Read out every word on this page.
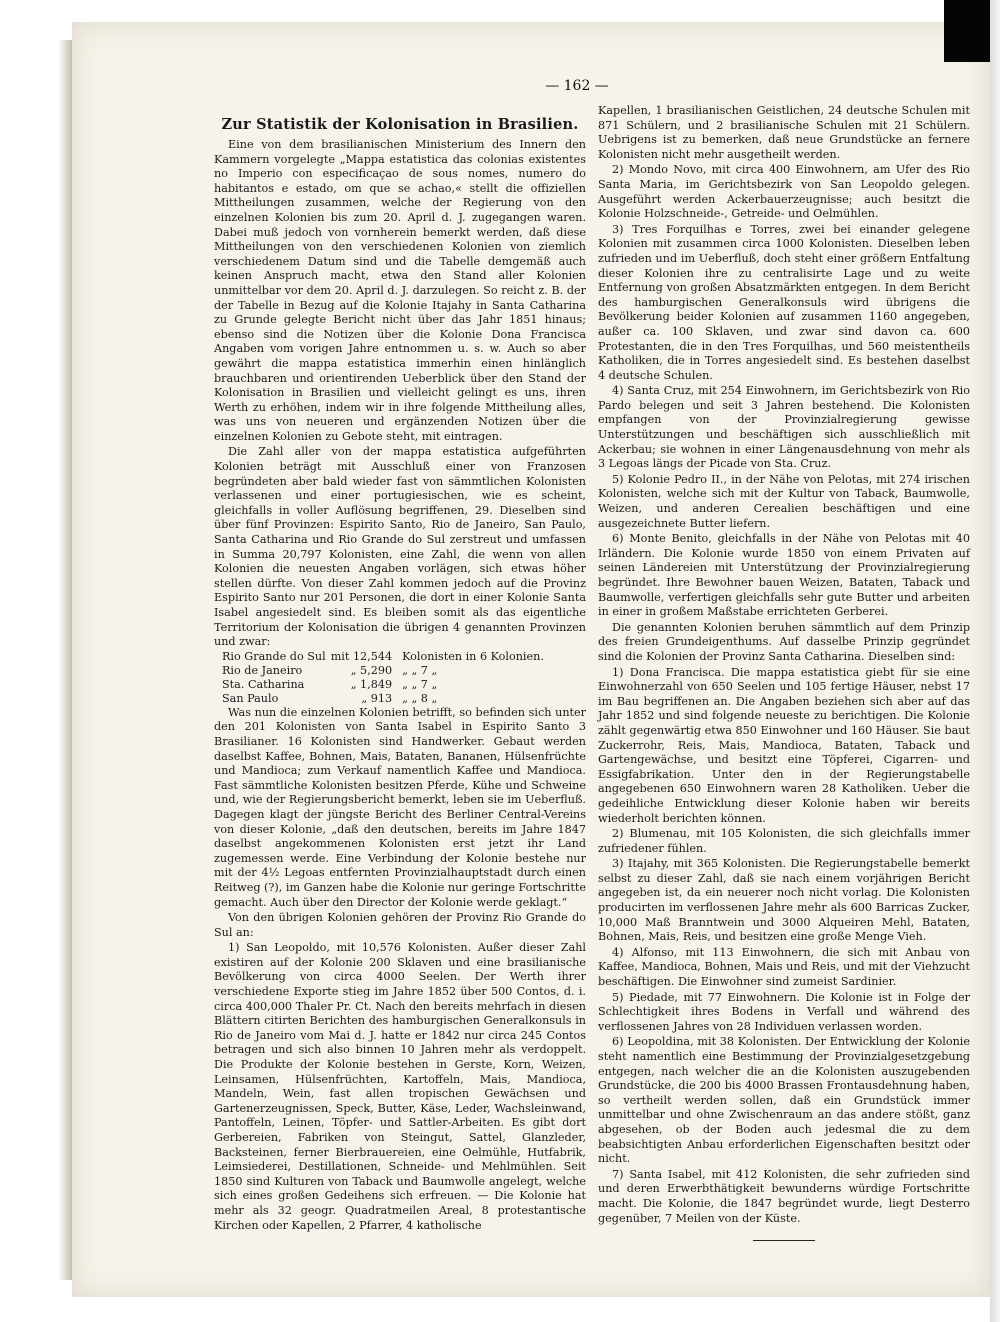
— 162 —
Zur Statistik der Kolonisation in Brasilien.

Eine von dem brasilianischen Ministerium des Innern den Kammern vorgelegte „Mappa estatistica das colonias existentes no Imperio con especificaçao de sous nomes, numero do habitantos e estado, om que se achao,« stellt die offiziellen Mittheilungen zusammen, welche der Regierung von den einzelnen Kolonien bis zum 20. April d. J. zugegangen waren. Dabei muß jedoch von vornherein bemerkt werden, daß diese Mittheilungen von den verschiedenen Kolonien von ziemlich verschiedenem Datum sind und die Tabelle demgemäß auch keinen Anspruch macht, etwa den Stand aller Kolonien unmittelbar vor dem 20. April d. J. darzulegen. So reicht z. B. der der Tabelle in Bezug auf die Kolonie Itajahy in Santa Catharina zu Grunde gelegte Bericht nicht über das Jahr 1851 hinaus; ebenso sind die Notizen über die Kolonie Dona Francisca Angaben vom vorigen Jahre entnommen u. s. w. Auch so aber gewährt die mappa estatistica immerhin einen hinlänglich brauchbaren und orientirenden Ueberblick über den Stand der Kolonisation in Brasilien und vielleicht gelingt es uns, ihren Werth zu erhöhen, indem wir in ihre folgende Mittheilung alles, was uns von neueren und ergänzenden Notizen über die einzelnen Kolonien zu Gebote steht, mit eintragen.

Die Zahl aller von der mappa estatistica aufgeführten Kolonien beträgt mit Ausschluß einer von Franzosen begründeten aber bald wieder fast von sämmtlichen Kolonisten verlassenen und einer portugiesischen, wie es scheint, gleichfalls in voller Auflösung begriffenen, 29. Dieselben sind über fünf Provinzen: Espirito Santo, Rio de Janeiro, San Paulo, Santa Catharina und Rio Grande do Sul zerstreut und umfassen in Summa 20,797 Kolonisten, eine Zahl, die wenn von allen Kolonien die neuesten Angaben vorlägen, sich etwas höher stellen dürfte. Von dieser Zahl kommen jedoch auf die Provinz Espirito Santo nur 201 Personen, die dort in einer Kolonie Santa Isabel angesiedelt sind. Es bleiben somit als das eigentliche Territorium der Kolonisation die übrigen 4 genannten Provinzen und zwar:

Rio Grande do Sul	mit 12,544	Kolonisten in 6 Kolonien.
Rio de Janeiro	„ 5,290	„ „ 7 „
Sta. Catharina	„ 1,849	„ „ 7 „
San Paulo	„ 913	„ „ 8 „

Was nun die einzelnen Kolonien betrifft, so befinden sich unter den 201 Kolonisten von Santa Isabel in Espirito Santo 3 Brasilianer. 16 Kolonisten sind Handwerker. Gebaut werden daselbst Kaffee, Bohnen, Mais, Bataten, Bananen, Hülsenfrüchte und Mandioca; zum Verkauf namentlich Kaffee und Mandioca. Fast sämmtliche Kolonisten besitzen Pferde, Kühe und Schweine und, wie der Regierungsbericht bemerkt, leben sie im Ueberfluß. Dagegen klagt der jüngste Bericht des Berliner Central-Vereins von dieser Kolonie, „daß den deutschen, bereits im Jahre 1847 daselbst angekommenen Kolonisten erst jetzt ihr Land zugemessen werde. Eine Verbindung der Kolonie bestehe nur mit der 4½ Legoas entfernten Provinzialhauptstadt durch einen Reitweg (?), im Ganzen habe die Kolonie nur geringe Fortschritte gemacht. Auch über den Director der Kolonie werde geklagt.“

Von den übrigen Kolonien gehören der Provinz Rio Grande do Sul an:

1) San Leopoldo, mit 10,576 Kolonisten. Außer dieser Zahl existiren auf der Kolonie 200 Sklaven und eine brasilianische Bevölkerung von circa 4000 Seelen. Der Werth ihrer verschiedene Exporte stieg im Jahre 1852 über 500 Contos, d. i. circa 400,000 Thaler Pr. Ct. Nach den bereits mehrfach in diesen Blättern citirten Berichten des hamburgischen Generalkonsuls in Rio de Janeiro vom Mai d. J. hatte er 1842 nur circa 245 Contos betragen und sich also binnen 10 Jahren mehr als verdoppelt. Die Produkte der Kolonie bestehen in Gerste, Korn, Weizen, Leinsamen, Hülsenfrüchten, Kartoffeln, Mais, Mandioca, Mandeln, Wein, fast allen tropischen Gewächsen und Gartenerzeugnissen, Speck, Butter, Käse, Leder, Wachsleinwand, Pantoffeln, Leinen, Töpfer- und Sattler-Arbeiten. Es gibt dort Gerbereien, Fabriken von Steingut, Sattel, Glanzleder, Backsteinen, ferner Bierbrauereien, eine Oelmühle, Hutfabrik, Leimsiederei, Destillationen, Schneide- und Mehlmühlen. Seit 1850 sind Kulturen von Taback und Baumwolle angelegt, welche sich eines großen Gedeihens sich erfreuen. — Die Kolonie hat mehr als 32 geogr. Quadratmeilen Areal, 8 protestantische Kirchen oder Kapellen, 2 Pfarrer, 4 katholische

Kapellen, 1 brasilianischen Geistlichen, 24 deutsche Schulen mit 871 Schülern, und 2 brasilianische Schulen mit 21 Schülern. Uebrigens ist zu bemerken, daß neue Grundstücke an fernere Kolonisten nicht mehr ausgetheilt werden.

2) Mondo Novo, mit circa 400 Einwohnern, am Ufer des Rio Santa Maria, im Gerichtsbezirk von San Leopoldo gelegen. Ausgeführt werden Ackerbauerzeugnisse; auch besitzt die Kolonie Holzschneide-, Getreide- und Oelmühlen.

3) Tres Forquilhas e Torres, zwei bei einander gelegene Kolonien mit zusammen circa 1000 Kolonisten. Dieselben leben zufrieden und im Ueberfluß, doch steht einer größern Entfaltung dieser Kolonien ihre zu centralisirte Lage und zu weite Entfernung von großen Absatzmärkten entgegen. In dem Bericht des hamburgischen Generalkonsuls wird übrigens die Bevölkerung beider Kolonien auf zusammen 1160 angegeben, außer ca. 100 Sklaven, und zwar sind davon ca. 600 Protestanten, die in den Tres Forquilhas, und 560 meistentheils Katholiken, die in Torres angesiedelt sind. Es bestehen daselbst 4 deutsche Schulen.

4) Santa Cruz, mit 254 Einwohnern, im Gerichtsbezirk von Rio Pardo belegen und seit 3 Jahren bestehend. Die Kolonisten empfangen von der Provinzialregierung gewisse Unterstützungen und beschäftigen sich ausschließlich mit Ackerbau; sie wohnen in einer Längenausdehnung von mehr als 3 Legoas längs der Picade von Sta. Cruz.

5) Kolonie Pedro II., in der Nähe von Pelotas, mit 274 irischen Kolonisten, welche sich mit der Kultur von Taback, Baumwolle, Weizen, und anderen Cerealien beschäftigen und eine ausgezeichnete Butter liefern.

6) Monte Benito, gleichfalls in der Nähe von Pelotas mit 40 Irländern. Die Kolonie wurde 1850 von einem Privaten auf seinen Ländereien mit Unterstützung der Provinzialregierung begründet. Ihre Bewohner bauen Weizen, Bataten, Taback und Baumwolle, verfertigen gleichfalls sehr gute Butter und arbeiten in einer in großem Maßstabe errichteten Gerberei.

Die genannten Kolonien beruhen sämmtlich auf dem Prinzip des freien Grundeigenthums. Auf dasselbe Prinzip gegründet sind die Kolonien der Provinz Santa Catharina. Dieselben sind:

1) Dona Francisca. Die mappa estatistica giebt für sie eine Einwohnerzahl von 650 Seelen und 105 fertige Häuser, nebst 17 im Bau begriffenen an. Die Angaben beziehen sich aber auf das Jahr 1852 und sind folgende neueste zu berichtigen. Die Kolonie zählt gegenwärtig etwa 850 Einwohner und 160 Häuser. Sie baut Zuckerrohr, Reis, Mais, Mandioca, Bataten, Taback und Gartengewächse, und besitzt eine Töpferei, Cigarren- und Essigfabrikation. Unter den in der Regierungstabelle angegebenen 650 Einwohnern waren 28 Katholiken. Ueber die gedeihliche Entwicklung dieser Kolonie haben wir bereits wiederholt berichten können.

2) Blumenau, mit 105 Kolonisten, die sich gleichfalls immer zufriedener fühlen.

3) Itajahy, mit 365 Kolonisten. Die Regierungstabelle bemerkt selbst zu dieser Zahl, daß sie nach einem vorjährigen Bericht angegeben ist, da ein neuerer noch nicht vorlag. Die Kolonisten producirten im verflossenen Jahre mehr als 600 Barricas Zucker, 10,000 Maß Branntwein und 3000 Alqueiren Mehl, Bataten, Bohnen, Mais, Reis, und besitzen eine große Menge Vieh.

4) Alfonso, mit 113 Einwohnern, die sich mit Anbau von Kaffee, Mandioca, Bohnen, Mais und Reis, und mit der Viehzucht beschäftigen. Die Einwohner sind zumeist Sardinier.

5) Piedade, mit 77 Einwohnern. Die Kolonie ist in Folge der Schlechtigkeit ihres Bodens in Verfall und während des verflossenen Jahres von 28 Individuen verlassen worden.

6) Leopoldina, mit 38 Kolonisten. Der Entwicklung der Kolonie steht namentlich eine Bestimmung der Provinzialgesetzgebung entgegen, nach welcher die an die Kolonisten auszugebenden Grundstücke, die 200 bis 4000 Brassen Frontausdehnung haben, so vertheilt werden sollen, daß ein Grundstück immer unmittelbar und ohne Zwischenraum an das andere stößt, ganz abgesehen, ob der Boden auch jedesmal die zu dem beabsichtigten Anbau erforderlichen Eigenschaften besitzt oder nicht.

7) Santa Isabel, mit 412 Kolonisten, die sehr zufrieden sind und deren Erwerbthätigkeit bewunderns würdige Fortschritte macht. Die Kolonie, die 1847 begründet wurde, liegt Desterro gegenüber, 7 Meilen von der Küste.
